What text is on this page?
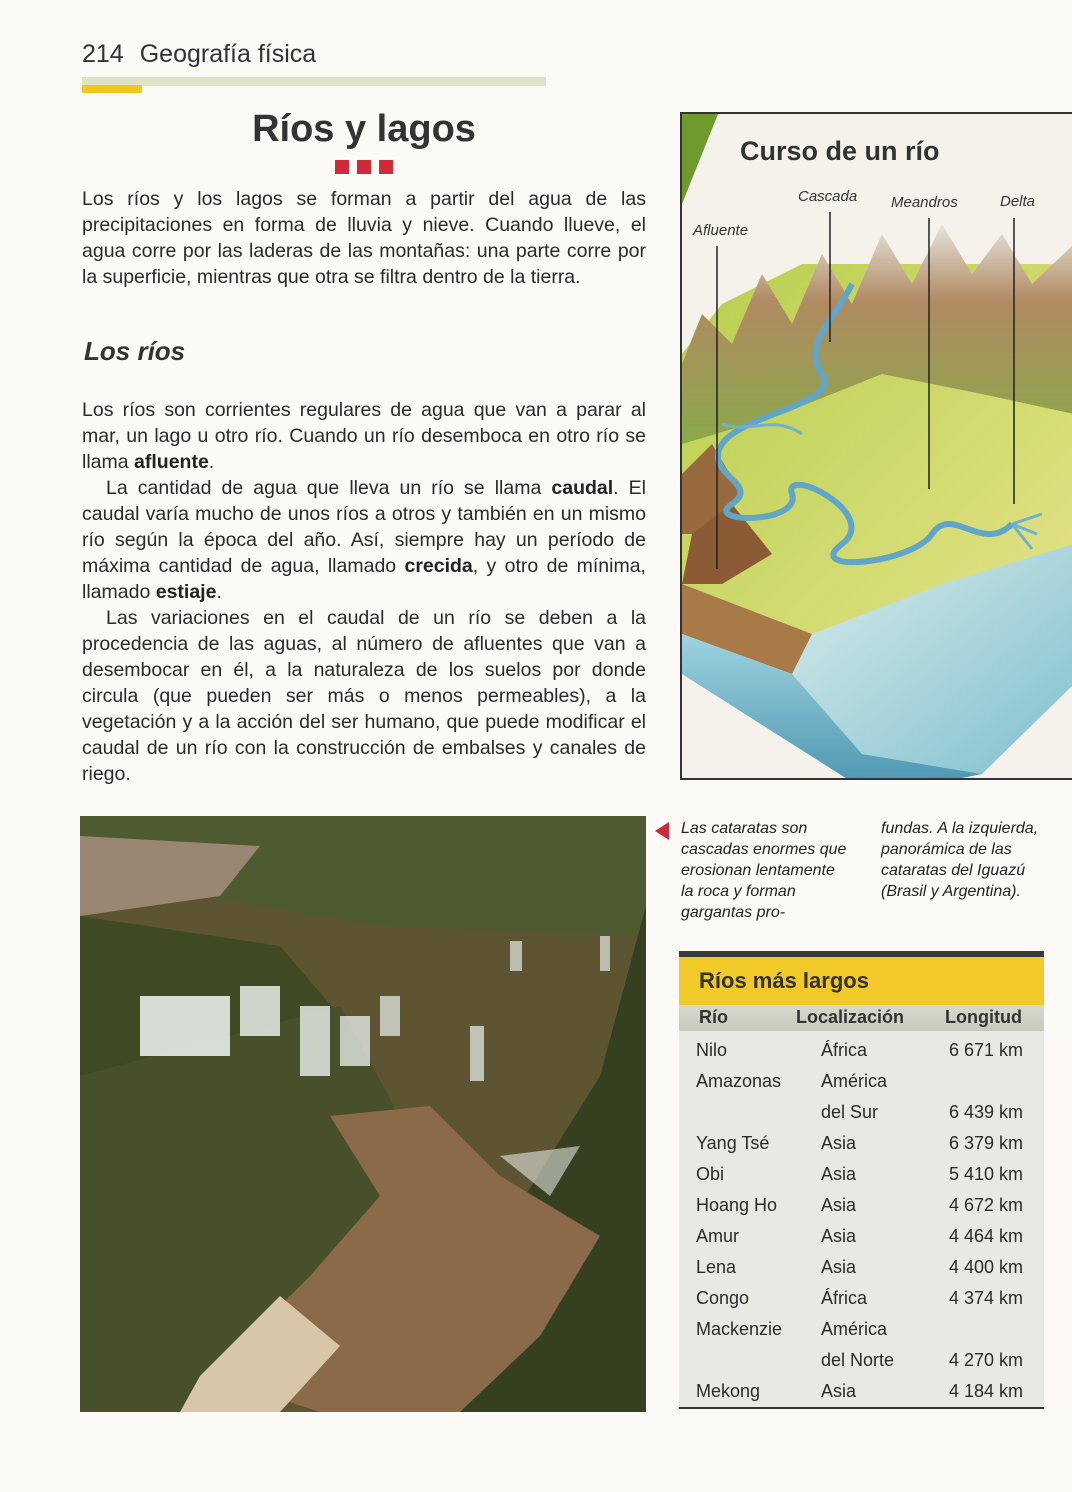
214 Geografía física
Ríos y lagos

Los ríos y los lagos se forman a partir del agua de las precipitaciones en forma de lluvia y nieve. Cuando llueve, el agua corre por las laderas de las montañas: una parte corre por la superficie, mientras que otra se filtra dentro de la tierra.

Los ríos

Los ríos son corrientes regulares de agua que van a parar al mar, un lago u otro río. Cuando un río desemboca en otro río se llama afluente.

La cantidad de agua que lleva un río se llama caudal. El caudal varía mucho de unos ríos a otros y también en un mismo río según la época del año. Así, siempre hay un período de máxima cantidad de agua, llamado crecida, y otro de mínima, llamado estiaje.

Las variaciones en el caudal de un río se deben a la procedencia de las aguas, al número de afluentes que van a desembocar en él, a la naturaleza de los suelos por donde circula (que pueden ser más o menos permeables), a la vegetación y a la acción del ser humano, que puede modificar el caudal de un río con la construcción de embalses y canales de riego.

Curso de un río
Afluente
Cascada Meandros	Delta
Las cataratas son cascadas enormes que erosionan lentamente la roca y forman gargantas pro-
fundas. A la izquierda, panorámica de las cataratas del Iguazú (Brasil y Argentina).
Ríos más largos
Río	Localización Longitud
Nilo	África	6 671 km
Amazonas América
del Sur	6 439 km
Yang Tsé	Asia	6 379 km
Obi	Asia	5 410 km
Hoang Ho Asia	4 672 km
Amur	Asia	4 464 km
Lena	Asia	4 400 km
Congo	África	4 374 km
Mackenzie América
del Norte	4 270 km
Mekong	Asia	4 184 km
